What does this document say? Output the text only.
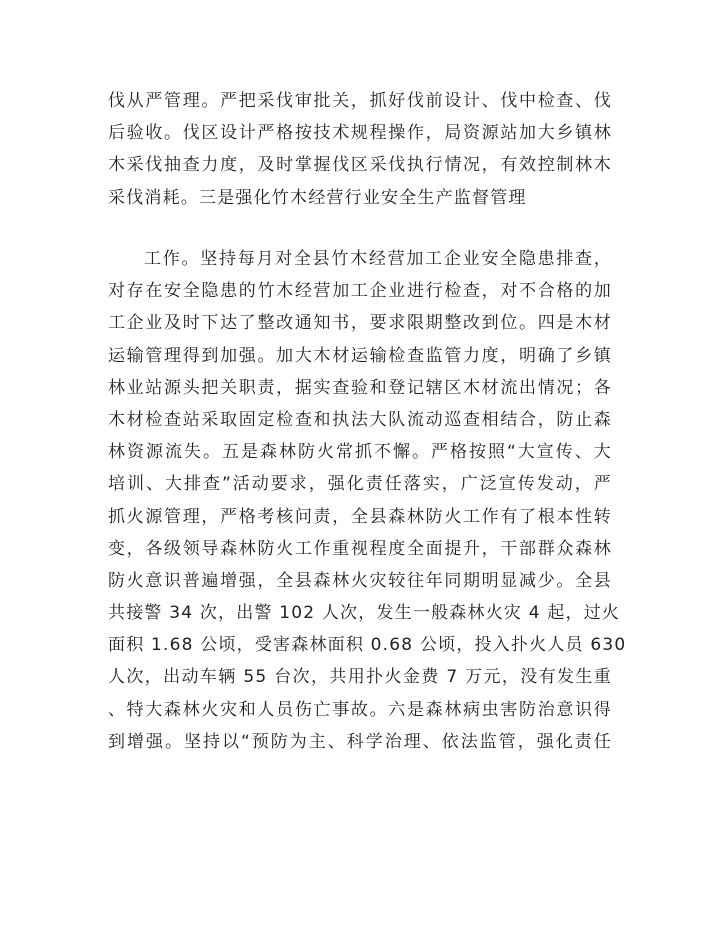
伐从严管理。严把采伐审批关，抓好伐前设计、伐中检查、伐
后验收。伐区设计严格按技术规程操作，局资源站加大乡镇林
木采伐抽查力度，及时掌握伐区采伐执行情况，有效控制林木
采伐消耗。三是强化竹木经营行业安全生产监督管理

工作。坚持每月对全县竹木经营加工企业安全隐患排查，
对存在安全隐患的竹木经营加工企业进行检查，对不合格的加
工企业及时下达了整改通知书，要求限期整改到位。四是木材
运输管理得到加强。加大木材运输检查监管力度，明确了乡镇
林业站源头把关职责，据实查验和登记辖区木材流出情况；各
木材检查站采取固定检查和执法大队流动巡查相结合，防止森
林资源流失。五是森林防火常抓不懈。严格按照“大宣传、大
培训、大排查”活动要求，强化责任落实，广泛宣传发动，严
抓火源管理，严格考核问责，全县森林防火工作有了根本性转
变，各级领导森林防火工作重视程度全面提升，干部群众森林
防火意识普遍增强，全县森林火灾较往年同期明显减少。全县
共接警 34 次，出警 102 人次，发生一般森林火灾 4 起，过火
面积 1.68 公顷，受害森林面积 0.68 公顷，投入扑火人员 630
人次，出动车辆 55 台次，共用扑火金费 7 万元，没有发生重
、特大森林火灾和人员伤亡事故。六是森林病虫害防治意识得
到增强。坚持以“预防为主、科学治理、依法监管，强化责任
